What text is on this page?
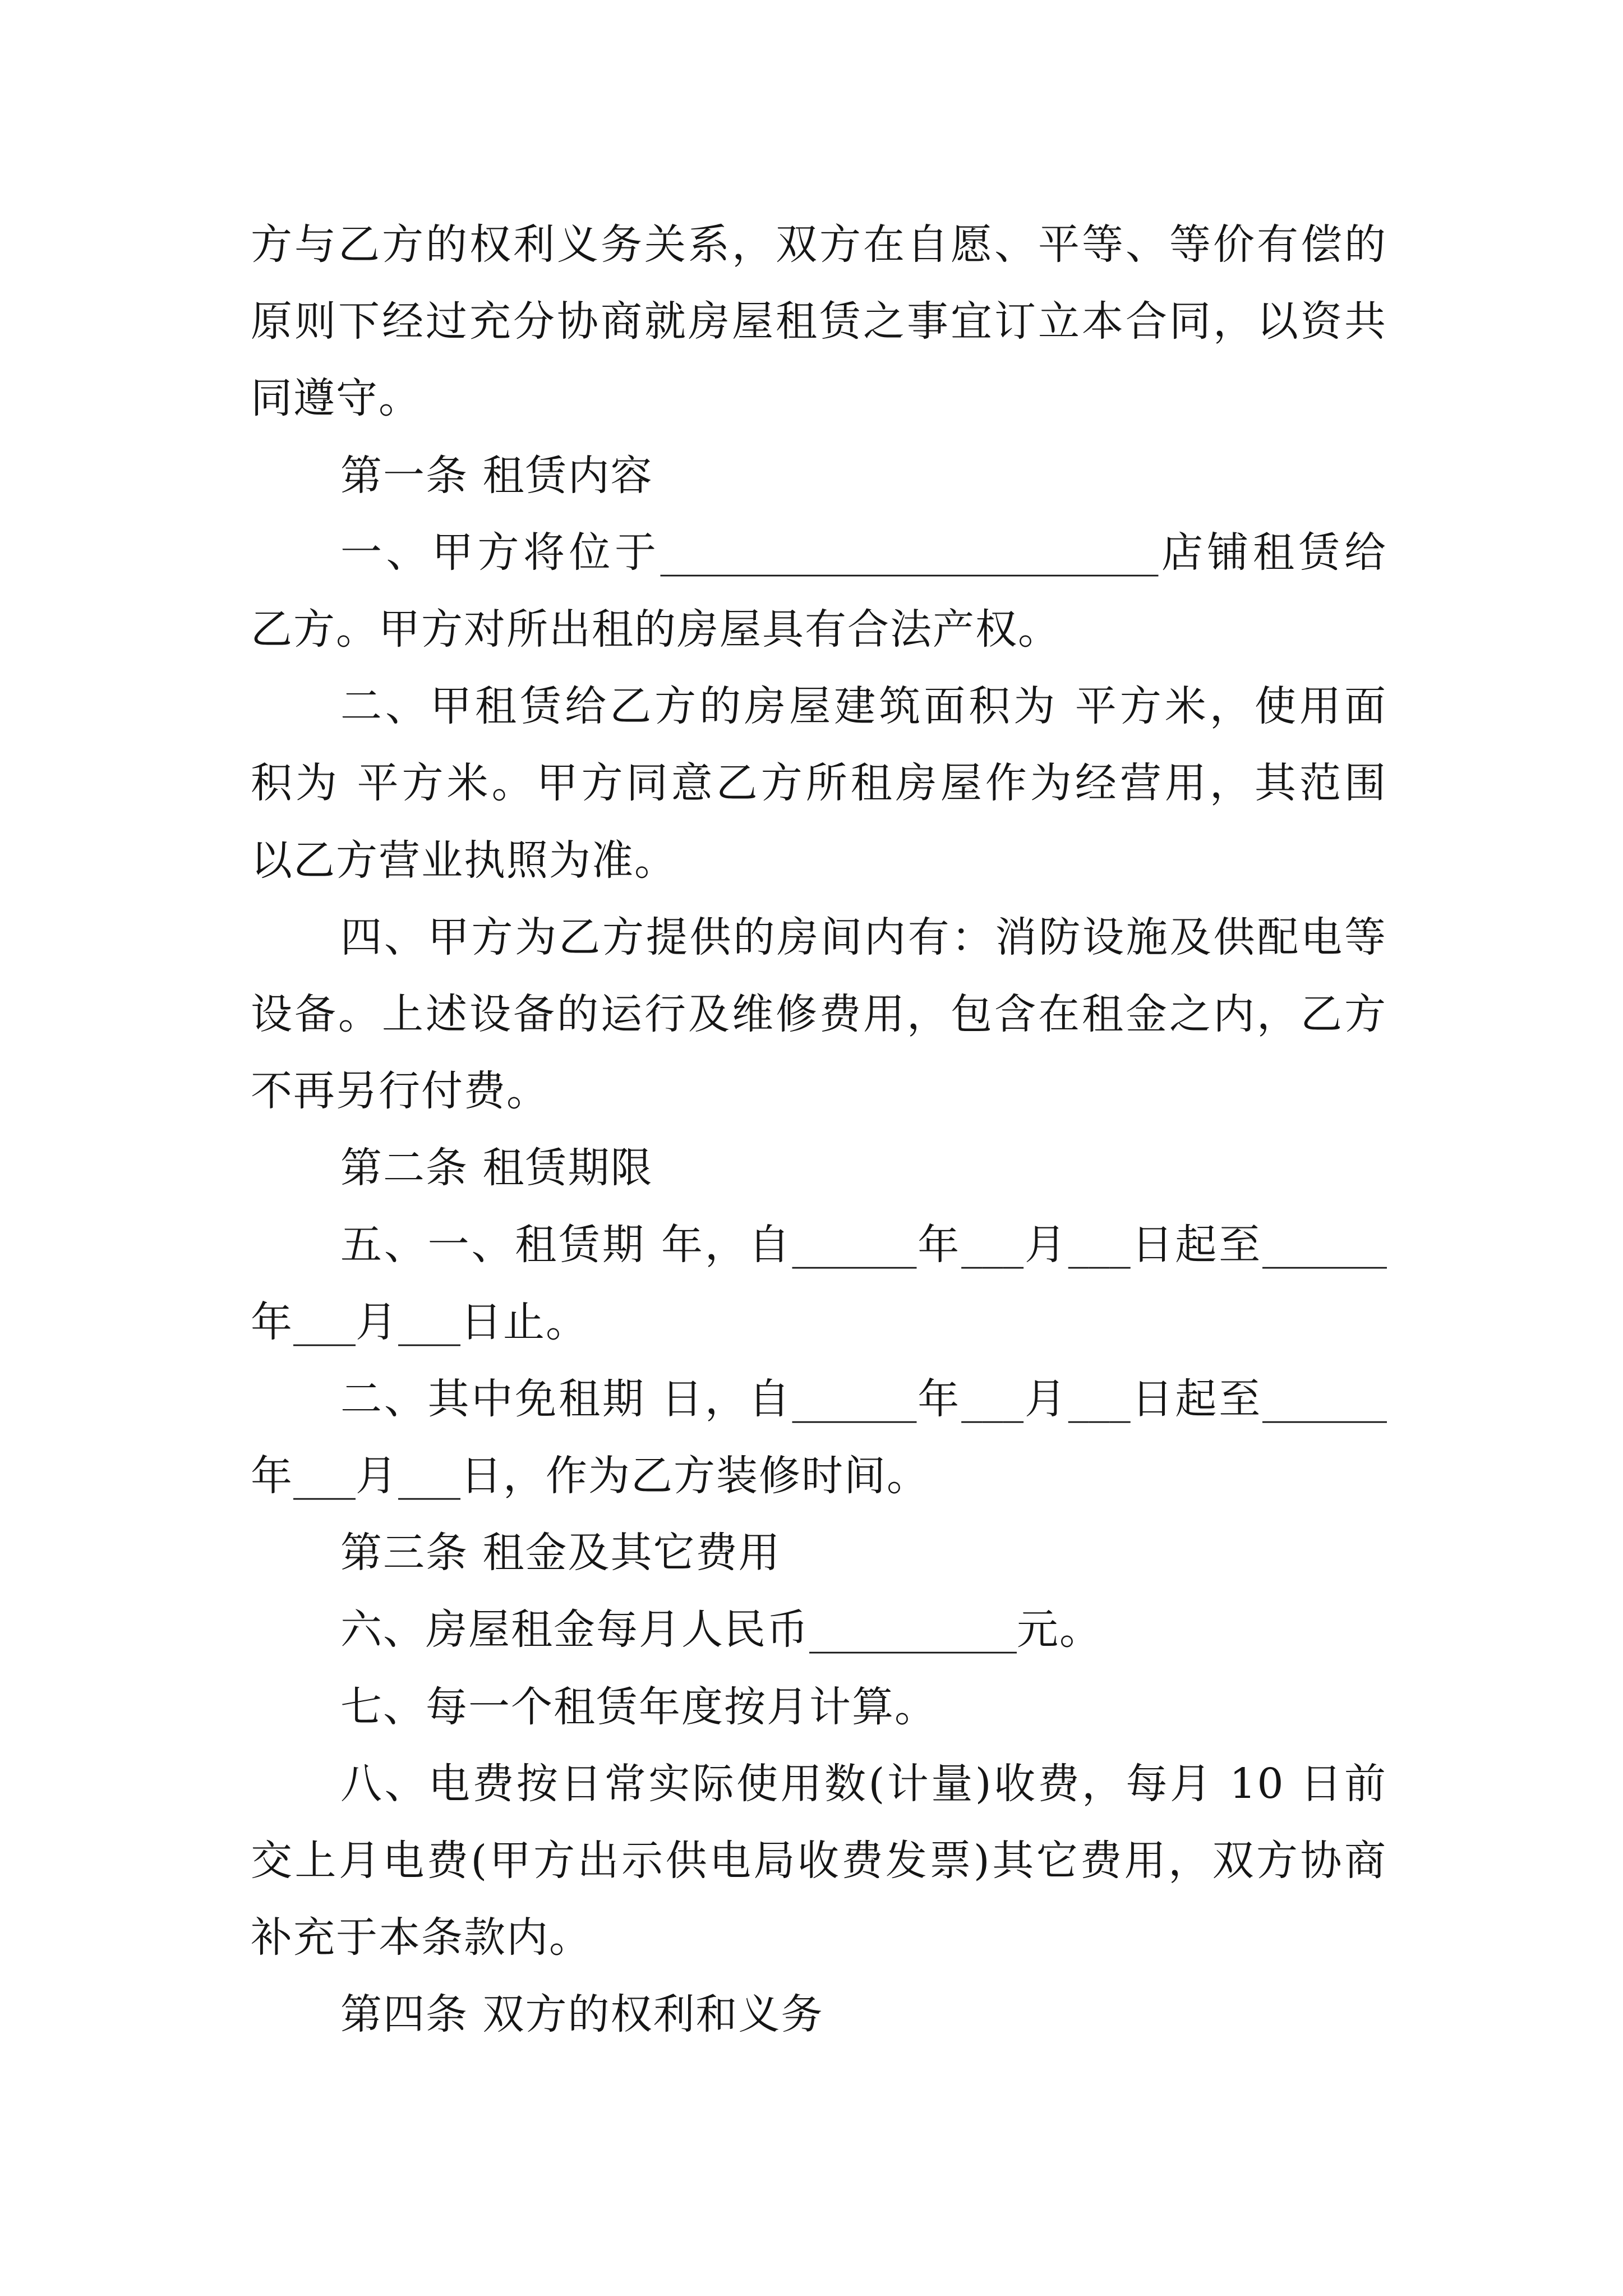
方与乙方的权利义务关系，双方在自愿、平等、等价有偿的
原则下经过充分协商就房屋租赁之事宜订立本合同，以资共
同遵守。
第一条 租赁内容
一、甲方将位于________________________店铺租赁给
乙方。甲方对所出租的房屋具有合法产权。
二、甲租赁给乙方的房屋建筑面积为 平方米，使用面
积为 平方米。甲方同意乙方所租房屋作为经营用，其范围
以乙方营业执照为准。
四、甲方为乙方提供的房间内有：消防设施及供配电等
设备。上述设备的运行及维修费用，包含在租金之内，乙方
不再另行付费。
第二条 租赁期限
五、一、租赁期 年，自______年___月___日起至______
年___月___日止。
二、其中免租期 日，自______年___月___日起至______
年___月___日，作为乙方装修时间。
第三条 租金及其它费用
六、房屋租金每月人民币__________元。
七、每一个租赁年度按月计算。
八、电费按日常实际使用数(计量)收费，每月 10 日前
交上月电费(甲方出示供电局收费发票)其它费用，双方协商
补充于本条款内。
第四条 双方的权利和义务
